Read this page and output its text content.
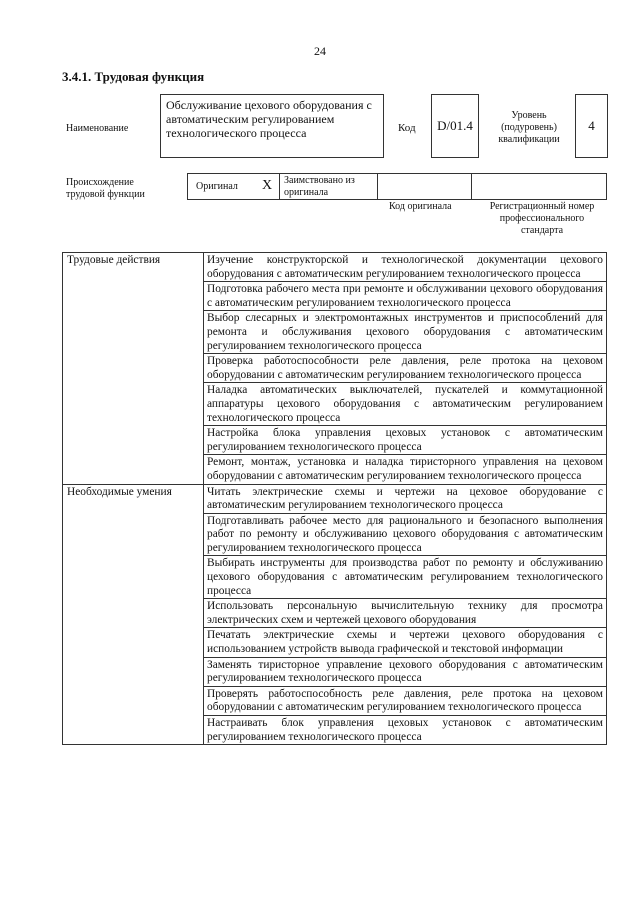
24
3.4.1. Трудовая функция
Наименование
Обслуживание цехового оборудования с автоматическим регулированием технологического процесса	Код	D/01.4
Уровень
(подуровень)
квалификации
4
Происхождение
трудовой функции
Оригинал X Заимствовано из
оригинала
Код оригинала	Регистрационный номер
профессионального
стандарта
Трудовые действия	Изучение конструкторской и технологической документации цехового оборудования с автоматическим регулированием технологического процесса
	Подготовка рабочего места при ремонте и обслуживании цехового оборудования с автоматическим регулированием технологического процесса
	Выбор слесарных и электромонтажных инструментов и приспособлений для ремонта и обслуживания цехового оборудования с автоматическим регулированием технологического процесса
	Проверка работоспособности реле давления, реле протока на цеховом оборудовании с автоматическим регулированием технологического процесса
	Наладка автоматических выключателей, пускателей и коммутационной аппаратуры цехового оборудования с автоматическим регулированием технологического процесса
	Настройка блока управления цеховых установок с автоматическим регулированием технологического процесса
	Ремонт, монтаж, установка и наладка тиристорного управления на цеховом оборудовании с автоматическим регулированием технологического процесса
Необходимые умения	Читать электрические схемы и чертежи на цеховое оборудование с автоматическим регулированием технологического процесса
	Подготавливать рабочее место для рационального и безопасного выполнения работ по ремонту и обслуживанию цехового оборудования с автоматическим регулированием технологического процесса
	Выбирать инструменты для производства работ по ремонту и обслуживанию цехового оборудования с автоматическим регулированием технологического процесса
	Использовать персональную вычислительную технику для просмотра электрических схем и чертежей цехового оборудования
	Печатать электрические схемы и чертежи цехового оборудования с использованием устройств вывода графической и текстовой информации
	Заменять тиристорное управление цехового оборудования с автоматическим регулированием технологического процесса
	Проверять работоспособность реле давления, реле протока на цеховом оборудовании с автоматическим регулированием технологического процесса
	Настраивать блок управления цеховых установок с автоматическим регулированием технологического процесса
